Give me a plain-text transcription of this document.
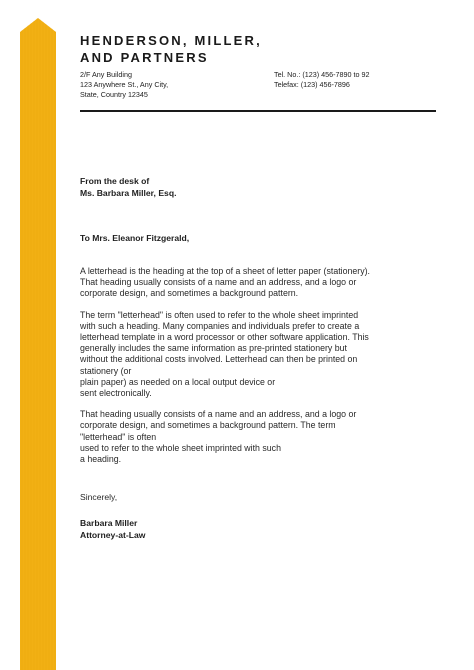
HENDERSON, MILLER,
AND PARTNERS
2/F Any Building
123 Anywhere St., Any City,
State, Country 12345
Tel. No.: (123) 456-7890 to 92
Telefax: (123) 456-7896
From the desk of
Ms. Barbara Miller, Esq.
To Mrs. Eleanor Fitzgerald,
A letterhead is the heading at the top of a sheet of letter paper (stationery).
That heading usually consists of a name and an address, and a logo or
corporate design, and sometimes a background pattern.
The term "letterhead" is often used to refer to the whole sheet imprinted
with such a heading. Many companies and individuals prefer to create a
letterhead template in a word processor or other software application. This
generally includes the same information as pre-printed stationery but
without the additional costs involved. Letterhead can then be printed on
stationery (or
plain paper) as needed on a local output device or
sent electronically.
That heading usually consists of a name and an address, and a logo or
corporate design, and sometimes a background pattern. The term
"letterhead" is often
used to refer to the whole sheet imprinted with such
a heading.
Sincerely,
Barbara Miller
Attorney-at-Law
